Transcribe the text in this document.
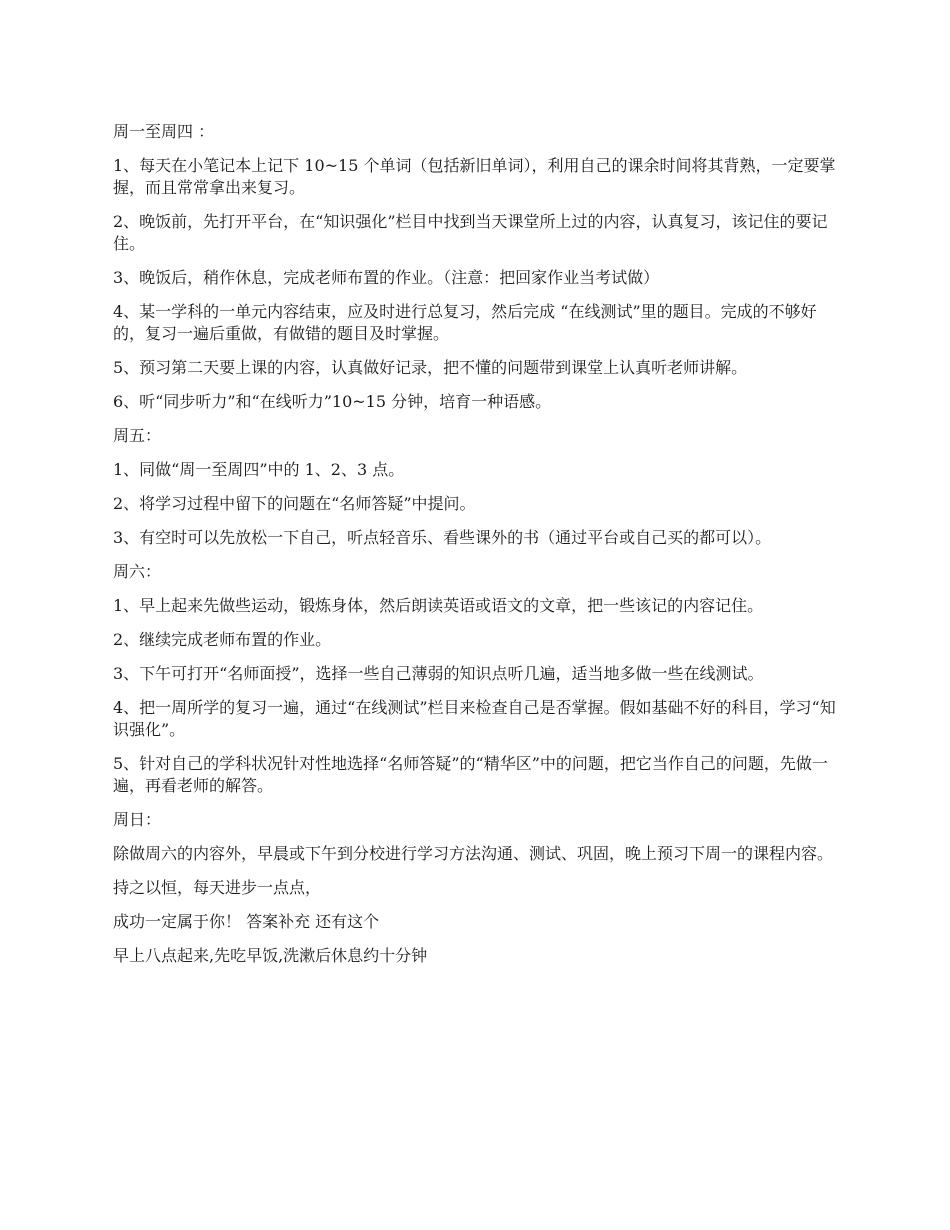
周一至周四 ：

1、每天在小笔记本上记下 10~15 个单词（包括新旧单词），利用自己的课余时间将其背熟，一定要掌握，而且常常拿出来复习。

2、晚饭前，先打开平台，在“知识强化”栏目中找到当天课堂所上过的内容，认真复习，该记住的要记住。

3、晚饭后，稍作休息，完成老师布置的作业。（注意：把回家作业当考试做）

4、某一学科的一单元内容结束，应及时进行总复习，然后完成 “在线测试”里的题目。完成的不够好的，复习一遍后重做，有做错的题目及时掌握。

5、预习第二天要上课的内容，认真做好记录，把不懂的问题带到课堂上认真听老师讲解。

6、听“同步听力”和“在线听力”10~15 分钟，培育一种语感。

周五：

1、同做“周一至周四”中的 1、2、3 点。

2、将学习过程中留下的问题在“名师答疑”中提问。

3、有空时可以先放松一下自己，听点轻音乐、看些课外的书（通过平台或自己买的都可以）。

周六：

1、早上起来先做些运动，锻炼身体，然后朗读英语或语文的文章，把一些该记的内容记住。

2、继续完成老师布置的作业。

3、下午可打开“名师面授”，选择一些自己薄弱的知识点听几遍，适当地多做一些在线测试。

4、把一周所学的复习一遍，通过“在线测试”栏目来检查自己是否掌握。假如基础不好的科目，学习“知识强化”。

5、针对自己的学科状况针对性地选择“名师答疑”的“精华区”中的问题，把它当作自己的问题，先做一遍，再看老师的解答。

周日：

除做周六的内容外，早晨或下午到分校进行学习方法沟通、测试、巩固，晚上预习下周一的课程内容。

持之以恒，每天进步一点点，

成功一定属于你！ 答案补充 还有这个

早上八点起来,先吃早饭,洗漱后休息约十分钟
